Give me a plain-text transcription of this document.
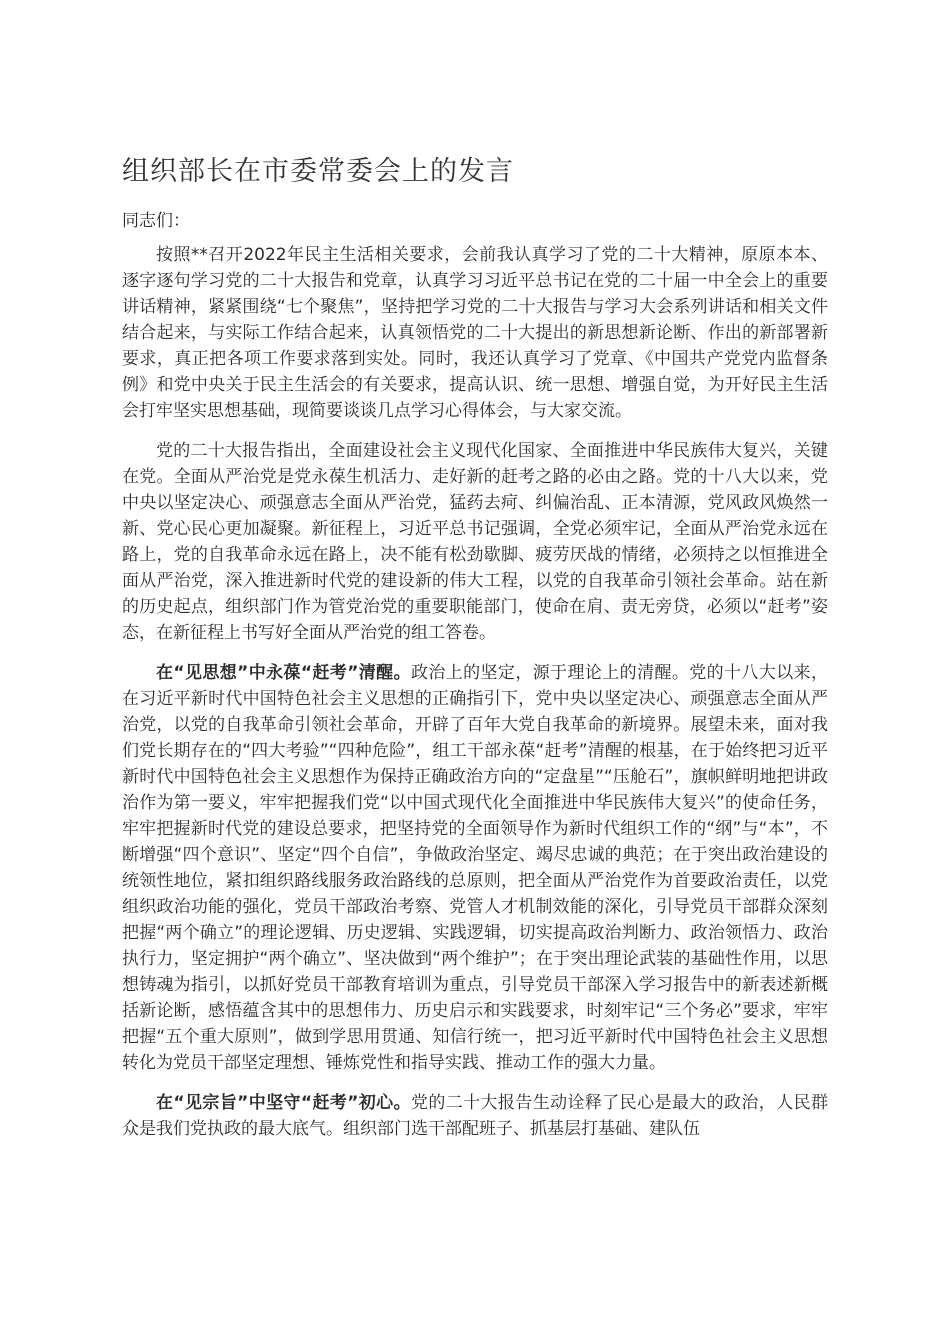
组织部长在市委常委会上的发言

同志们：

按照**召开2022年民主生活相关要求，会前我认真学习了党的二十大精神，原原本本、逐字逐句学习党的二十大报告和党章，认真学习习近平总书记在党的二十届一中全会上的重要讲话精神，紧紧围绕“七个聚焦”，坚持把学习党的二十大报告与学习大会系列讲话和相关文件结合起来，与实际工作结合起来，认真领悟党的二十大提出的新思想新论断、作出的新部署新要求，真正把各项工作要求落到实处。同时，我还认真学习了党章、《中国共产党党内监督条例》和党中央关于民主生活会的有关要求，提高认识、统一思想、增强自觉，为开好民主生活会打牢坚实思想基础，现简要谈谈几点学习心得体会，与大家交流。

党的二十大报告指出，全面建设社会主义现代化国家、全面推进中华民族伟大复兴，关键在党。全面从严治党是党永葆生机活力、走好新的赶考之路的必由之路。党的十八大以来，党中央以坚定决心、顽强意志全面从严治党，猛药去疴、纠偏治乱、正本清源，党风政风焕然一新、党心民心更加凝聚。新征程上，习近平总书记强调，全党必须牢记，全面从严治党永远在路上，党的自我革命永远在路上，决不能有松劲歇脚、疲劳厌战的情绪，必须持之以恒推进全面从严治党，深入推进新时代党的建设新的伟大工程，以党的自我革命引领社会革命。站在新的历史起点，组织部门作为管党治党的重要职能部门，使命在肩、责无旁贷，必须以“赶考”姿态，在新征程上书写好全面从严治党的组工答卷。

在“见思想”中永葆“赶考”清醒。政治上的坚定，源于理论上的清醒。党的十八大以来，在习近平新时代中国特色社会主义思想的正确指引下，党中央以坚定决心、顽强意志全面从严治党，以党的自我革命引领社会革命，开辟了百年大党自我革命的新境界。展望未来，面对我们党长期存在的“四大考验”“四种危险”，组工干部永葆“赶考”清醒的根基，在于始终把习近平新时代中国特色社会主义思想作为保持正确政治方向的“定盘星”“压舱石”，旗帜鲜明地把讲政治作为第一要义，牢牢把握我们党“以中国式现代化全面推进中华民族伟大复兴”的使命任务，牢牢把握新时代党的建设总要求，把坚持党的全面领导作为新时代组织工作的“纲”与“本”，不断增强“四个意识”、坚定“四个自信”，争做政治坚定、竭尽忠诚的典范；在于突出政治建设的统领性地位，紧扣组织路线服务政治路线的总原则，把全面从严治党作为首要政治责任，以党组织政治功能的强化，党员干部政治考察、党管人才机制效能的深化，引导党员干部群众深刻把握“两个确立”的理论逻辑、历史逻辑、实践逻辑，切实提高政治判断力、政治领悟力、政治执行力，坚定拥护“两个确立”、坚决做到“两个维护”；在于突出理论武装的基础性作用，以思想铸魂为指引，以抓好党员干部教育培训为重点，引导党员干部深入学习报告中的新表述新概括新论断，感悟蕴含其中的思想伟力、历史启示和实践要求，时刻牢记“三个务必”要求，牢牢把握“五个重大原则”，做到学思用贯通、知信行统一，把习近平新时代中国特色社会主义思想转化为党员干部坚定理想、锤炼党性和指导实践、推动工作的强大力量。

在“见宗旨”中坚守“赶考”初心。党的二十大报告生动诠释了民心是最大的政治，人民群众是我们党执政的最大底气。组织部门选干部配班子、抓基层打基础、建队伍
